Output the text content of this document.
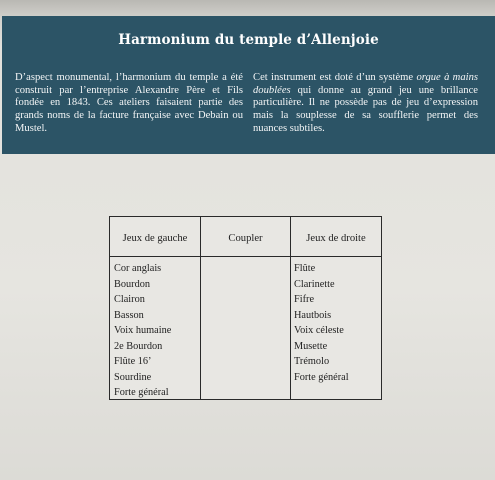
Harmonium du temple d’Allenjoie
D’aspect monumental, l’harmonium du temple a été construit par l’entreprise Alexandre Père et Fils fondée en 1843. Ces ateliers faisaient partie des grands noms de la facture française avec Debain ou Mustel.
Cet instrument est doté d’un système orgue à mains doublées qui donne au grand jeu une brillance particulière. Il ne possède pas de jeu d’expression mais la souplesse de sa soufflerie permet des nuances subtiles.
Jeux de gauche	Coupler	Jeux de droite
Cor anglais
Bourdon
Clairon
Basson
Voix humaine
2e Bourdon
Flûte 16’
Sourdine
Forte général
Flûte
Clarinette
Fifre
Hautbois
Voix céleste
Musette
Trémolo
Forte général
